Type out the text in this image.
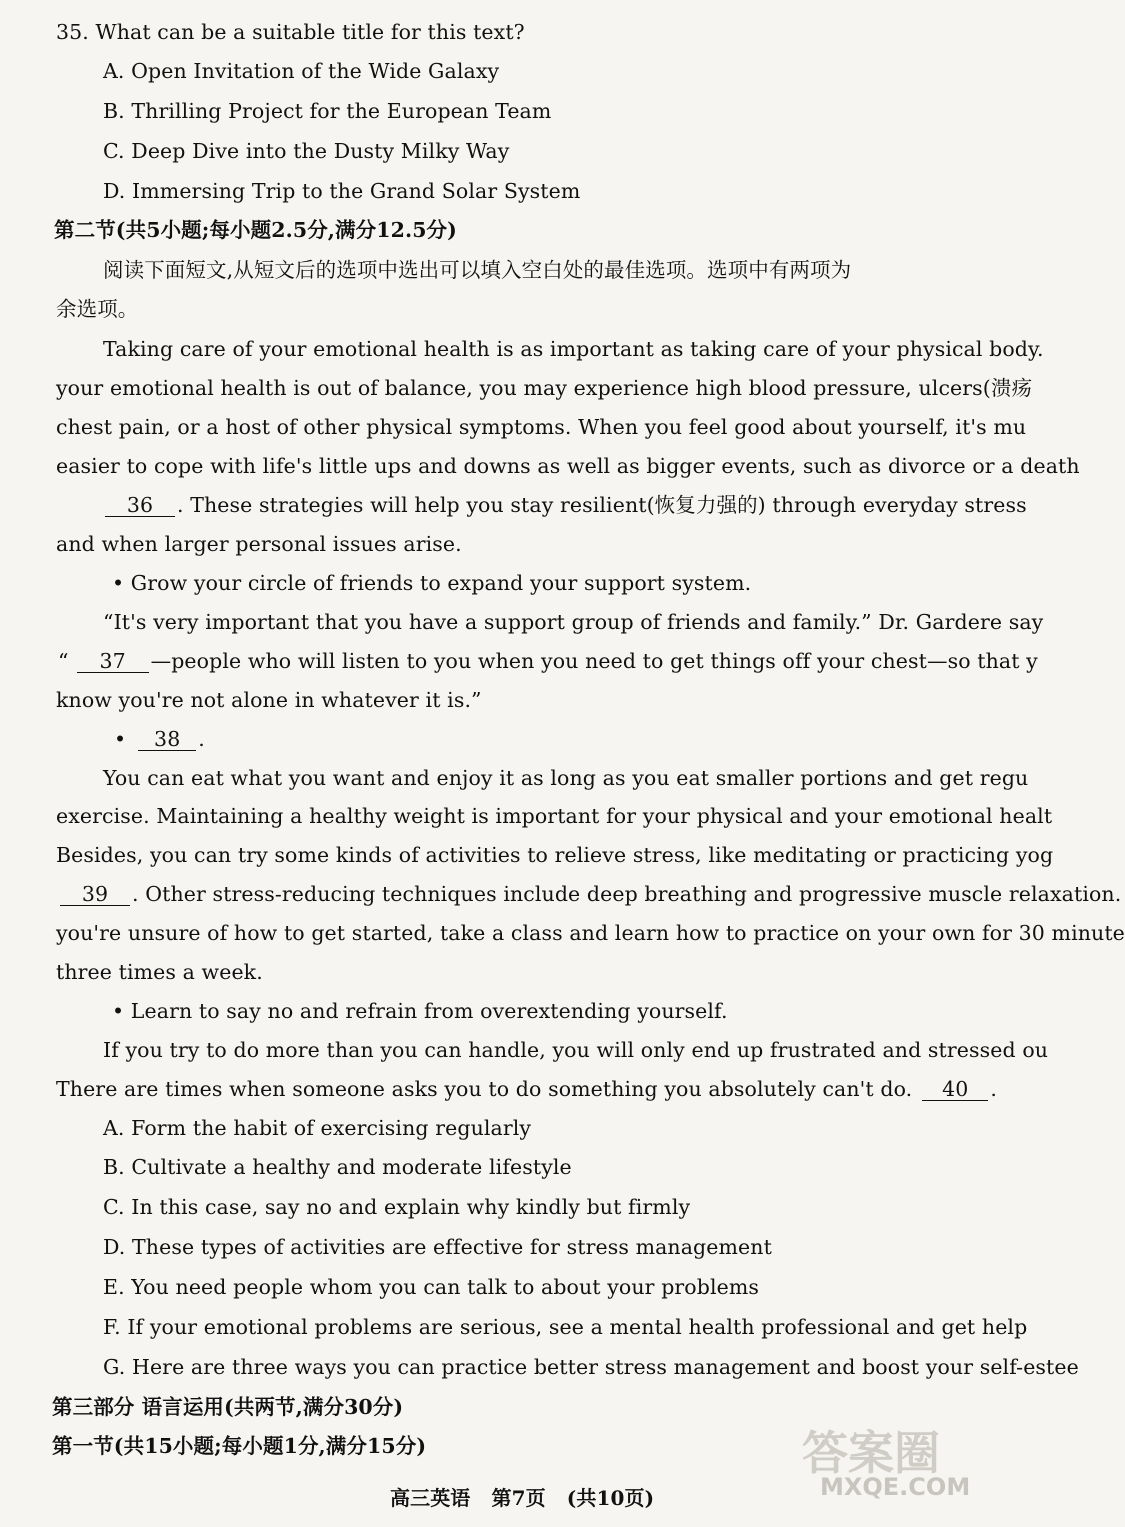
35. What can be a suitable title for this text?
A. Open Invitation of the Wide Galaxy
B. Thrilling Project for the European Team
C. Deep Dive into the Dusty Milky Way
D. Immersing Trip to the Grand Solar System
第二节(共5小题;每小题2.5分,满分12.5分)
阅读下面短文,从短文后的选项中选出可以填入空白处的最佳选项。选项中有两项为
余选项。
Taking care of your emotional health is as important as taking care of your physical body.
your emotional health is out of balance, you may experience high blood pressure, ulcers(溃疡
chest pain, or a host of other physical symptoms. When you feel good about yourself, it's mu
easier to cope with life's little ups and downs as well as bigger events, such as divorce or a death
36 . These strategies will help you stay resilient(恢复力强的) through everyday stress
and when larger personal issues arise.
• Grow your circle of friends to expand your support system.
“It's very important that you have a support group of friends and family.” Dr. Gardere say
“ 37 —people who will listen to you when you need to get things off your chest—so that y
know you're not alone in whatever it is.”
• 38 .
You can eat what you want and enjoy it as long as you eat smaller portions and get regu
exercise. Maintaining a healthy weight is important for your physical and your emotional healt
Besides, you can try some kinds of activities to relieve stress, like meditating or practicing yog
39 . Other stress-reducing techniques include deep breathing and progressive muscle relaxation.
you're unsure of how to get started, take a class and learn how to practice on your own for 30 minute
three times a week.
• Learn to say no and refrain from overextending yourself.
If you try to do more than you can handle, you will only end up frustrated and stressed ou
There are times when someone asks you to do something you absolutely can't do. 40 .
A. Form the habit of exercising regularly
B. Cultivate a healthy and moderate lifestyle
C. In this case, say no and explain why kindly but firmly
D. These types of activities are effective for stress management
E. You need people whom you can talk to about your problems
F. If your emotional problems are serious, see a mental health professional and get help
G. Here are three ways you can practice better stress management and boost your self-estee
第三部分 语言运用(共两节,满分30分)
第一节(共15小题;每小题1分,满分15分)
高三英语 第7页 (共10页)
答案圈
MXQE.COM
